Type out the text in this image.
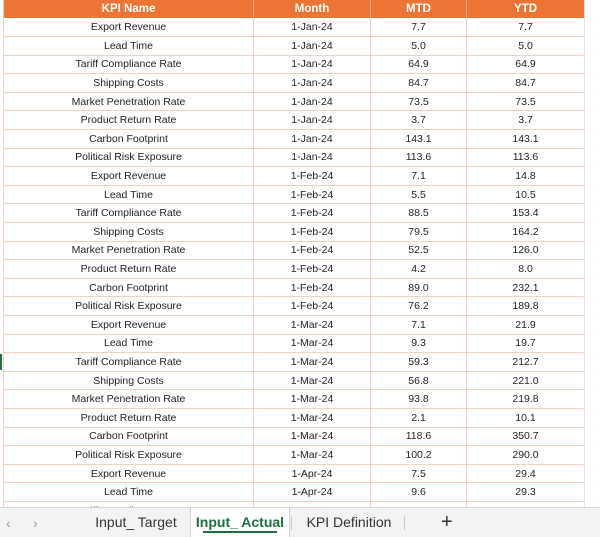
KPI Name	Month	MTD	YTD
Export Revenue	1-Jan-24	7.7	7.7
Lead Time	1-Jan-24	5.0	5.0
Tariff Compliance Rate	1-Jan-24	64.9	64.9
Shipping Costs	1-Jan-24	84.7	84.7
Market Penetration Rate	1-Jan-24	73.5	73.5
Product Return Rate	1-Jan-24	3.7	3.7
Carbon Footprint	1-Jan-24	143.1	143.1
Political Risk Exposure	1-Jan-24	113.6	113.6
Export Revenue	1-Feb-24	7.1	14.8
Lead Time	1-Feb-24	5.5	10.5
Tariff Compliance Rate	1-Feb-24	88.5	153.4
Shipping Costs	1-Feb-24	79.5	164.2
Market Penetration Rate	1-Feb-24	52.5	126.0
Product Return Rate	1-Feb-24	4.2	8.0
Carbon Footprint	1-Feb-24	89.0	232.1
Political Risk Exposure	1-Feb-24	76.2	189.8
Export Revenue	1-Mar-24	7.1	21.9
Lead Time	1-Mar-24	9.3	19.7
Tariff Compliance Rate	1-Mar-24	59.3	212.7
Shipping Costs	1-Mar-24	56.8	221.0
Market Penetration Rate	1-Mar-24	93.8	219.8
Product Return Rate	1-Mar-24	2.1	10.1
Carbon Footprint	1-Mar-24	118.6	350.7
Political Risk Exposure	1-Mar-24	100.2	290.0
Export Revenue	1-Apr-24	7.5	29.4
Lead Time	1-Apr-24	9.6	29.3

‹ ›	Input_ Target	Input_ Actual	KPI Definition	+
